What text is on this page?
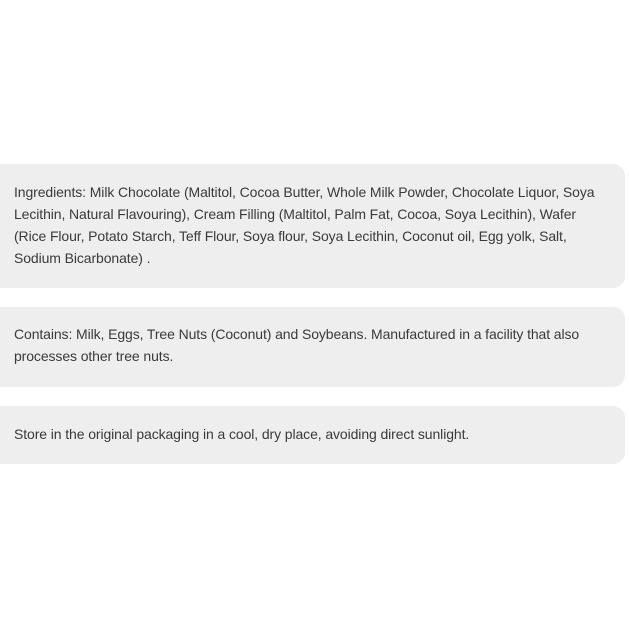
Ingredients: Milk Chocolate (Maltitol, Cocoa Butter, Whole Milk Powder, Chocolate Liquor, Soya Lecithin, Natural Flavouring), Cream Filling (Maltitol, Palm Fat, Cocoa, Soya Lecithin), Wafer (Rice Flour, Potato Starch, Teff Flour, Soya flour, Soya Lecithin, Coconut oil, Egg yolk, Salt, Sodium Bicarbonate) .

Contains: Milk, Eggs, Tree Nuts (Coconut) and Soybeans. Manufactured in a facility that also processes other tree nuts.

Store in the original packaging in a cool, dry place, avoiding direct sunlight.
